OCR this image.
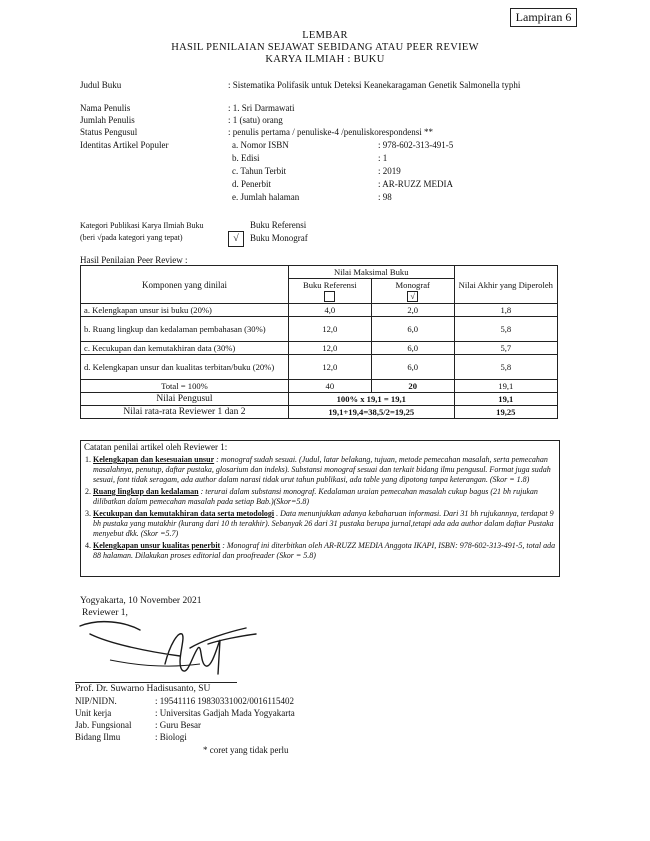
Lampiran 6
LEMBAR
HASIL PENILAIAN SEJAWAT SEBIDANG ATAU PEER REVIEW
KARYA ILMIAH : BUKU
Judul Buku	: Sistematika Polifasik untuk Deteksi Keanekaragaman Genetik Salmonella typhi
Nama Penulis	: 1. Sri Darmawati
Jumlah Penulis	: 1 (satu) orang
Status Pengusul	: penulis pertama / penuliske-4 /penuliskorespondensi **
Identitas Artikel Populer	a. Nomor ISBN	: 978-602-313-491-5
b. Edisi	: 1
c. Tahun Terbit	: 2019
d. Penerbit	: AR-RUZZ MEDIA
e. Jumlah halaman	: 98
Kategori Publikasi Karya Ilmiah Buku
(beri √pada kategori yang tepat)
Buku Referensi
√	Buku Monograf
Hasil Penilaian Peer Review :
Komponen yang dinilai	Nilai Maksimal Buku		Nilai Akhir yang Diperoleh

	Buku Referensi	Monograf
√	
a. Kelengkapan unsur isi buku (20%)	4,0	2,0	1,8
b. Ruang lingkup dan kedalaman pembahasan (30%)	12,0	6,0	5,8
c. Kecukupan dan kemutakhiran data (30%)	12,0	6,0	5,7
d. Kelengkapan unsur dan kualitas terbitan/buku (20%)	12,0	6,0	5,8
Total = 100%	40	20	19,1
Nilai Pengusul	100% x 19,1 = 19,1		19,1
Nilai rata-rata Reviewer 1 dan 2	19,1+19,4=38,5/2=19,25		19,25
Catatan penilai artikel oleh Reviewer 1:
1. Kelengkapan dan kesesuaian unsur : monograf sudah sesuai. (Judul, latar belakang, tujuan, metode pemecahan masalah, serta pemecahan masalahnya, penutup, daftar pustaka, glosarium dan indeks). Substansi monograf sesuai dan terkait bidang ilmu pengusul. Format juga sudah sesuai, font tidak seragam, ada author dalam narasi tidak urut tahun publikasi, ada table yang dipotong tanpa keterangan. (Skor = 1.8)
2. Ruang lingkup dan kedalaman : terurai dalam substansi monograf. Kedalaman uraian pemecahan masalah cukup bagus (21 bh rujukan dilibatkan dalam pemecahan masalah pada setiap Bab.)(Skor=5.8)
3. Kecukupan dan kemutakhiran data serta metodologi . Data menunjukkan adanya kebaharuan informasi. Dari 31 bh rujukannya, terdapat 9 bh pustaka yang mutakhir (kurang dari 10 th terakhir). Sebanyak 26 dari 31 pustaka berupa jurnal,tetapi ada ada author dalam daftar Pustaka menyebut dkk. (Skor =5.7)
4. Kelengkapan unsur kualitas penerbit : Monograf ini diterbitkan oleh AR-RUZZ MEDIA Anggota IKAPI, ISBN: 978-602-313-491-5, total ada 88 halaman. Dilakukan proses editorial dan proofreader (Skor = 5.8)
Yogyakarta, 10 November 2021
Reviewer 1,
Prof. Dr. Suwarno Hadisusanto, SU
NIP/NIDN.	: 19541116 19830331002/0016115402
Unit kerja	: Universitas Gadjah Mada Yogyakarta
Jab. Fungsional	: Guru Besar
Bidang Ilmu	: Biologi
* coret yang tidak perlu
